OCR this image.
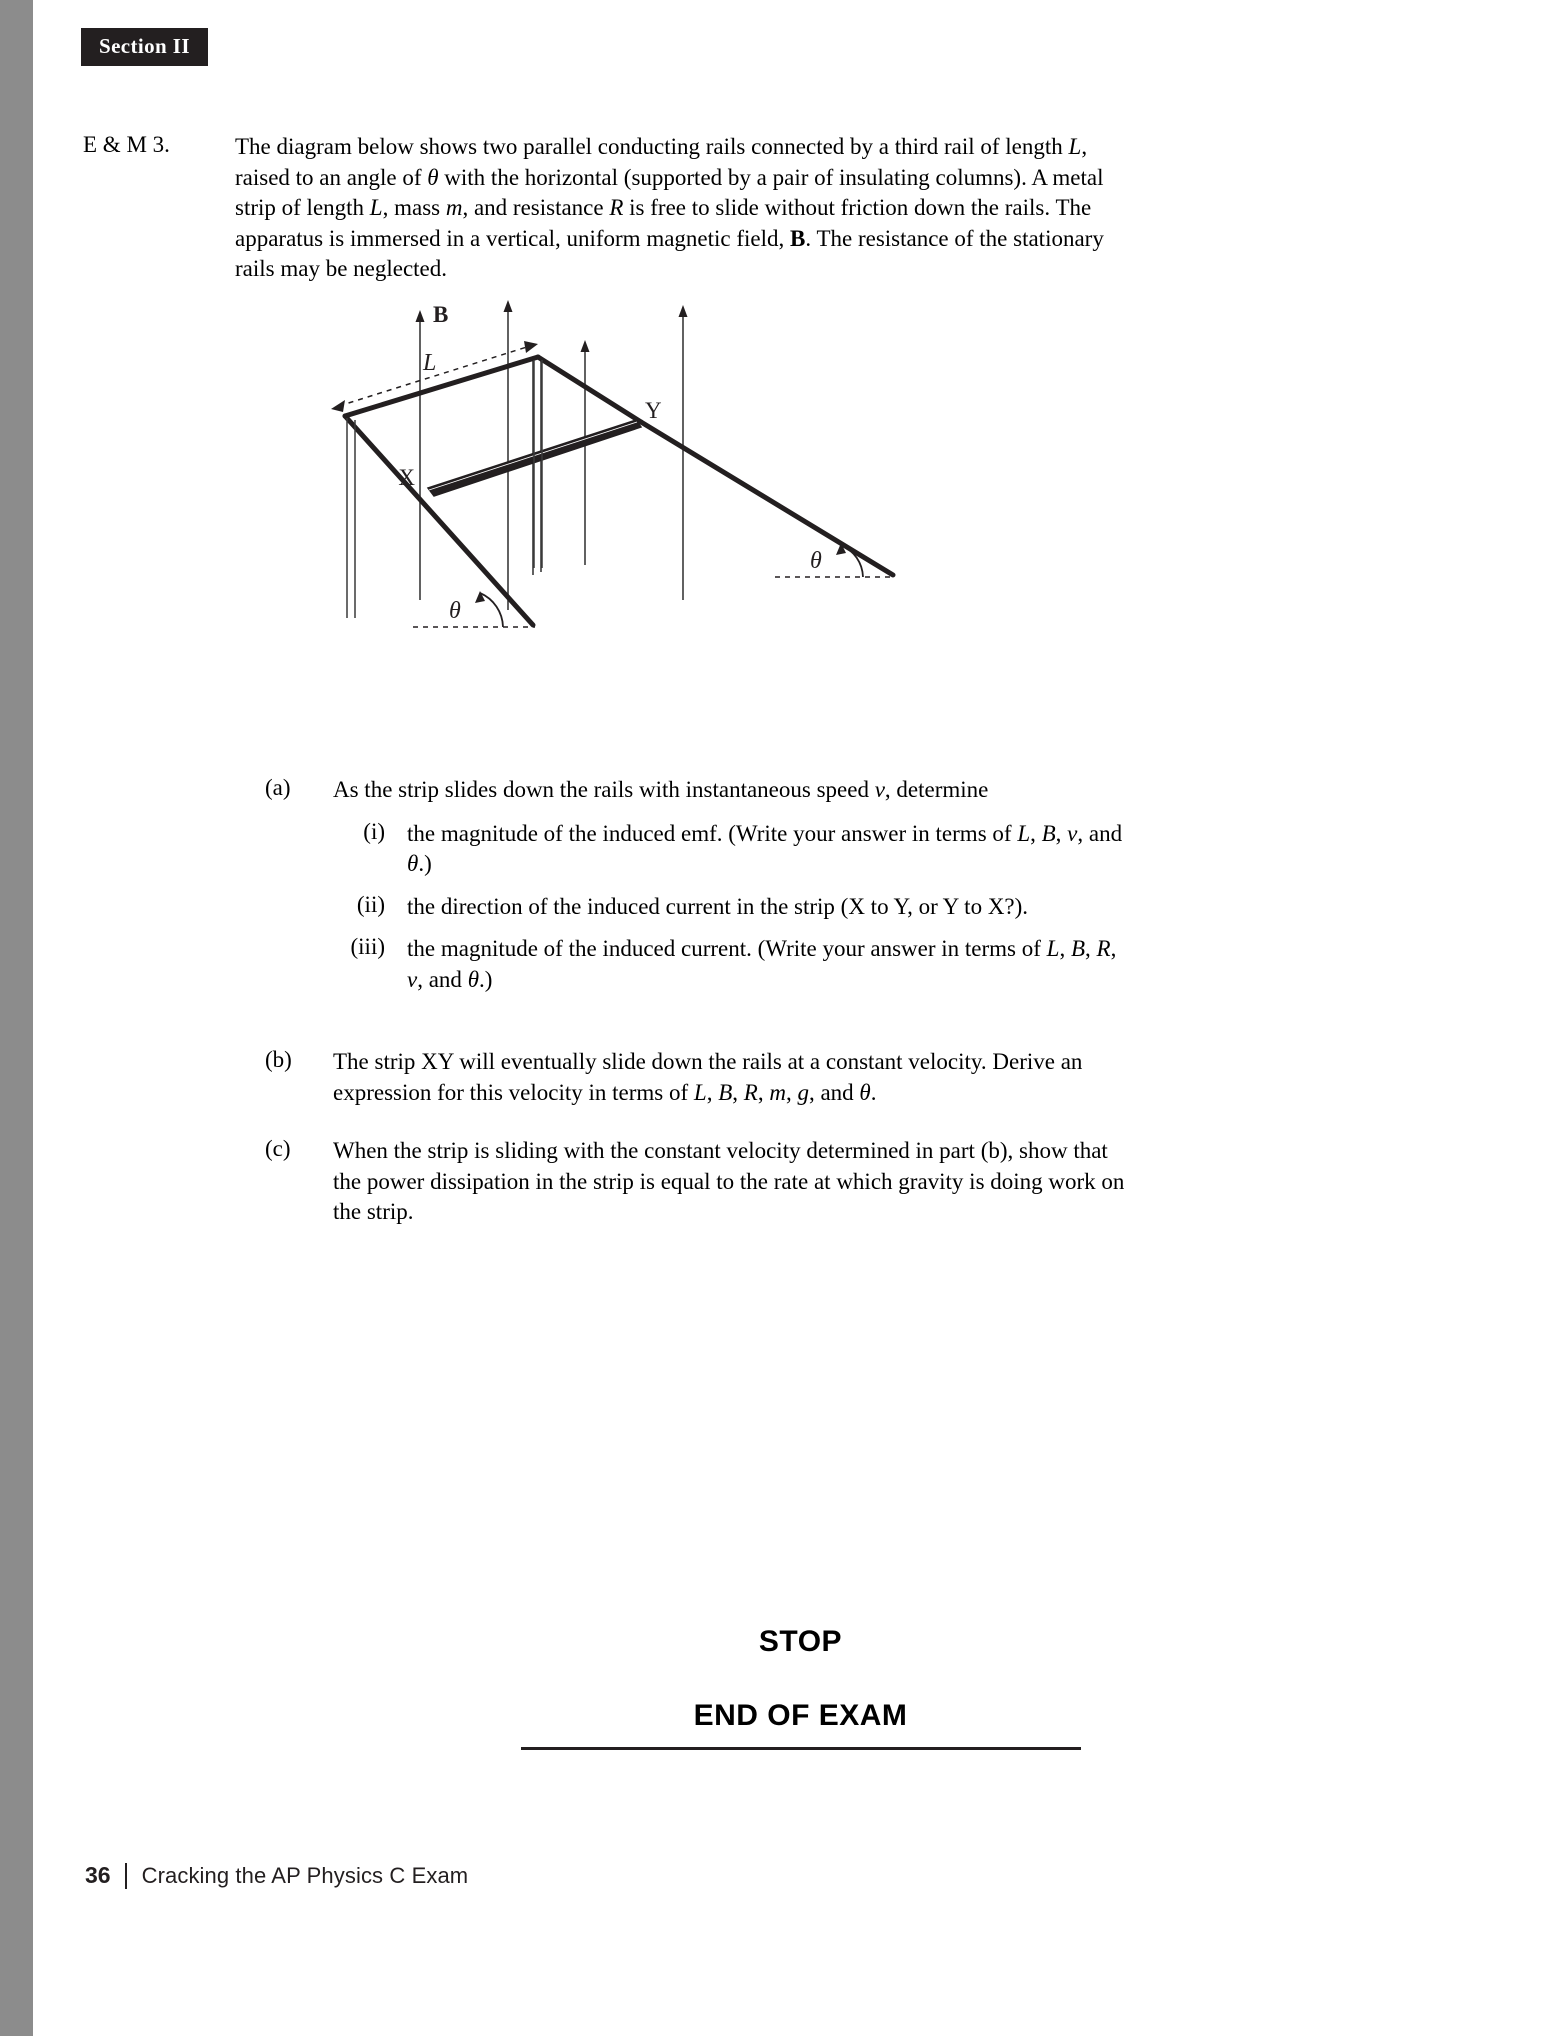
Section II
E & M 3.	The diagram below shows two parallel conducting rails connected by a third rail of length L, raised to an angle of θ with the horizontal (supported by a pair of insulating columns). A metal strip of length L, mass m, and resistance R is free to slide without friction down the rails. The apparatus is immersed in a vertical, uniform magnetic field, B. The resistance of the stationary rails may be neglected.
B
L
X
Y
θ
θ
(a)	As the strip slides down the rails with instantaneous speed v, determine
(i) the magnitude of the induced emf. (Write your answer in terms of L, B, v, and θ.)
(ii) the direction of the induced current in the strip (X to Y, or Y to X?).
(iii) the magnitude of the induced current. (Write your answer in terms of L, B, R, v, and θ.)
(b)	The strip XY will eventually slide down the rails at a constant velocity. Derive an expression for this velocity in terms of L, B, R, m, g, and θ.
(c)	When the strip is sliding with the constant velocity determined in part (b), show that the power dissipation in the strip is equal to the rate at which gravity is doing work on the strip.
STOP
END OF EXAM
36	Cracking the AP Physics C Exam
